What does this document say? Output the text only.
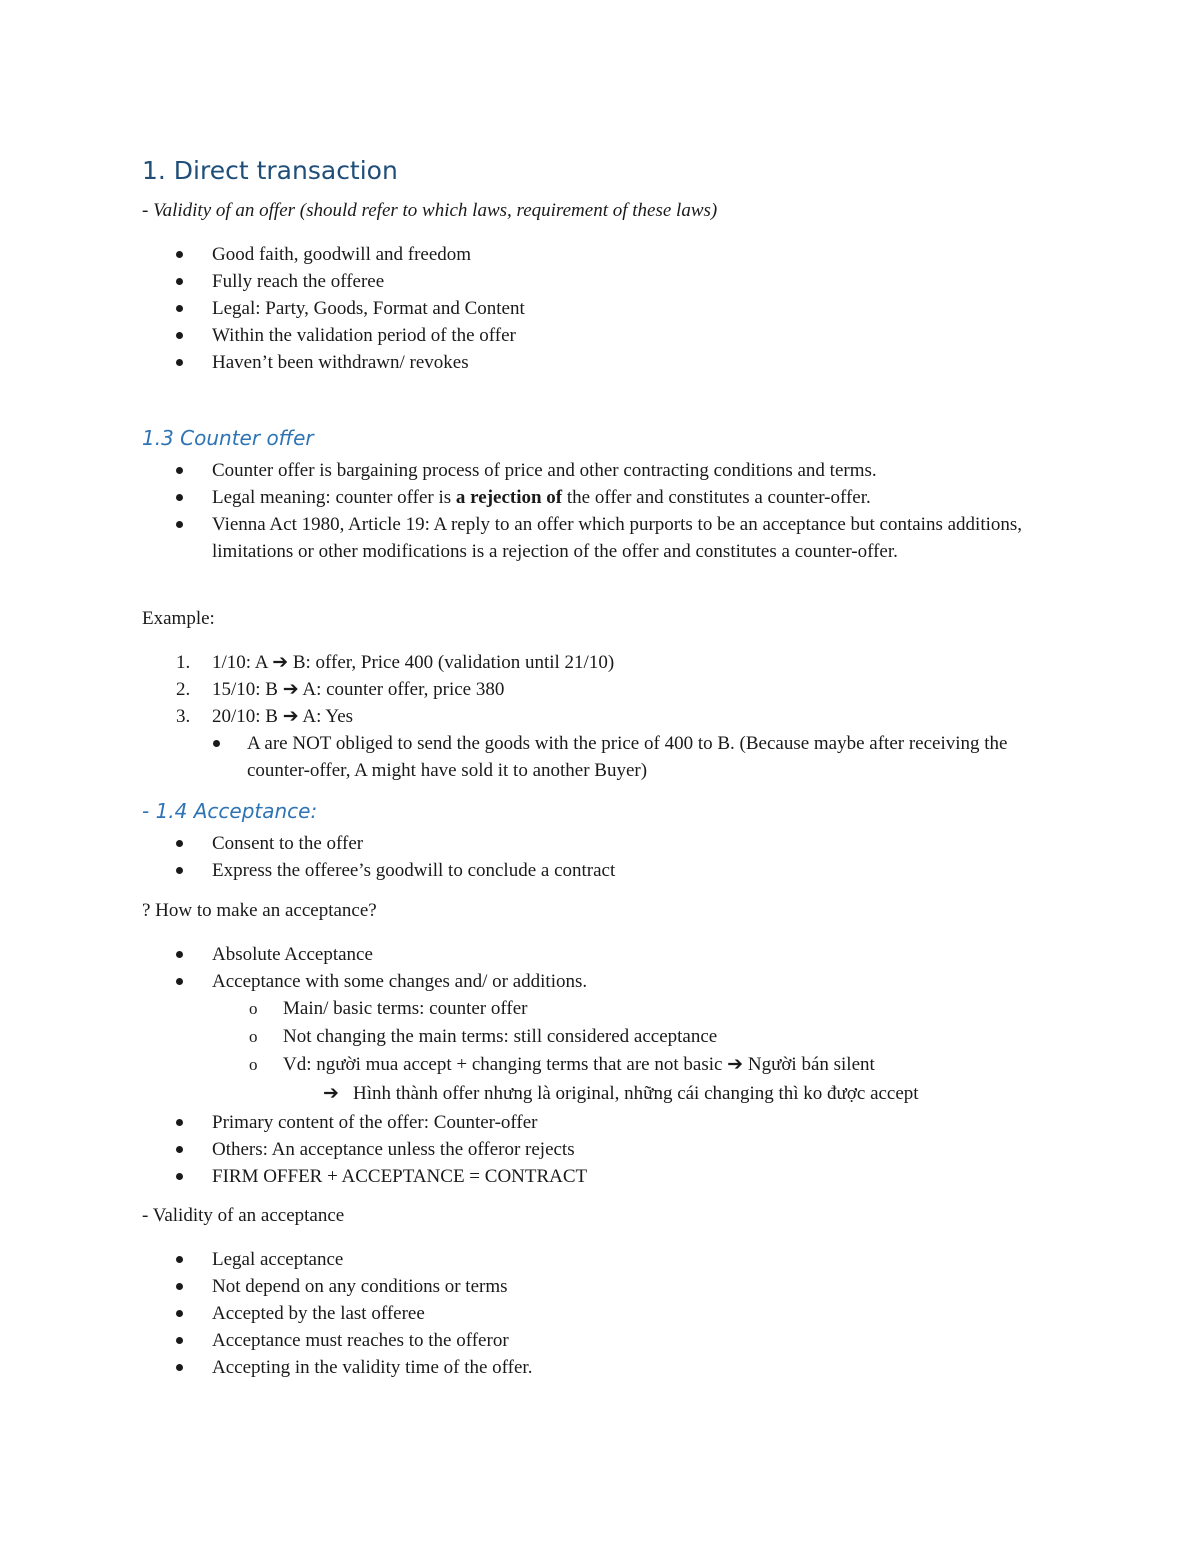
1. Direct transaction
- Validity of an offer (should refer to which laws, requirement of these laws)
Good faith, goodwill and freedom
Fully reach the offeree
Legal: Party, Goods, Format and Content
Within the validation period of the offer
Haven’t been withdrawn/ revokes
1.3 Counter offer
Counter offer is bargaining process of price and other contracting conditions and terms.
Legal meaning: counter offer is a rejection of the offer and constitutes a counter-offer.
Vienna Act 1980, Article 19: A reply to an offer which purports to be an acceptance but contains additions, limitations or other modifications is a rejection of the offer and constitutes a counter-offer.
Example:
1. 1/10: A ➔ B: offer, Price 400 (validation until 21/10)
2. 15/10: B ➔ A: counter offer, price 380
3. 20/10: B ➔ A: Yes
A are NOT obliged to send the goods with the price of 400 to B. (Because maybe after receiving the counter-offer, A might have sold it to another Buyer)
- 1.4 Acceptance:
Consent to the offer
Express the offeree’s goodwill to conclude a contract
? How to make an acceptance?
Absolute Acceptance
Acceptance with some changes and/ or additions.
o Main/ basic terms: counter offer
o Not changing the main terms: still considered acceptance
o Vd: người mua accept + changing terms that are not basic ➔ Người bán silent
➔ Hình thành offer nhưng là original, những cái changing thì ko được accept
Primary content of the offer: Counter-offer
Others: An acceptance unless the offeror rejects
FIRM OFFER + ACCEPTANCE = CONTRACT
- Validity of an acceptance
Legal acceptance
Not depend on any conditions or terms
Accepted by the last offeree
Acceptance must reaches to the offeror
Accepting in the validity time of the offer.
